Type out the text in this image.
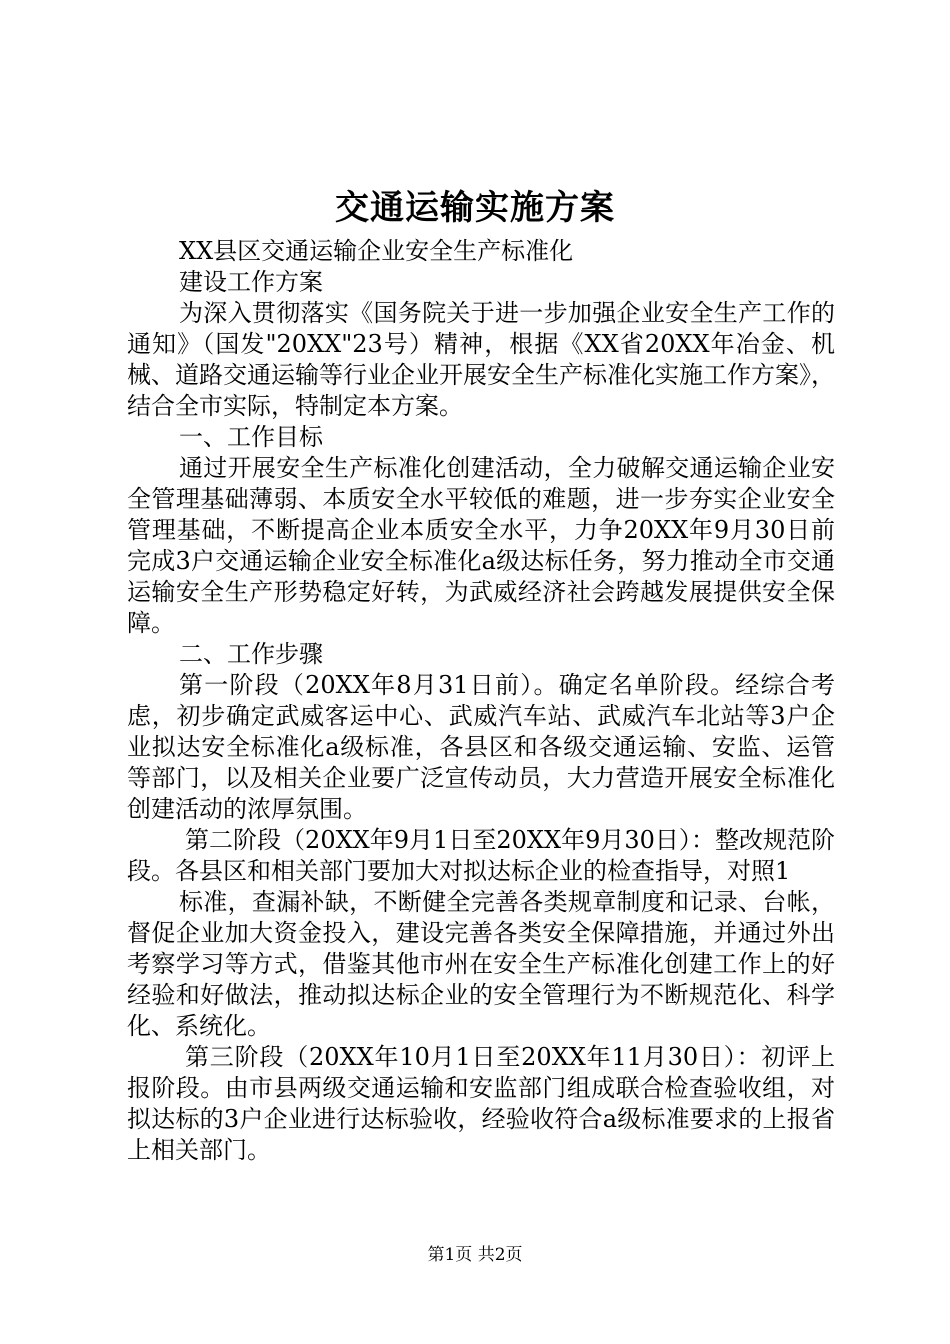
交通运输实施方案

XX县区交通运输企业安全生产标准化

建设工作方案

为深入贯彻落实《国务院关于进一步加强企业安全生产工作的通知》（国发"20XX"23号）精神，根据《XX省20XX年冶金、机械、道路交通运输等行业企业开展安全生产标准化实施工作方案》，结合全市实际，特制定本方案。

一、工作目标

通过开展安全生产标准化创建活动，全力破解交通运输企业安全管理基础薄弱、本质安全水平较低的难题，进一步夯实企业安全管理基础，不断提高企业本质安全水平，力争20XX年9月30日前完成3户交通运输企业安全标准化a级达标任务，努力推动全市交通运输安全生产形势稳定好转，为武威经济社会跨越发展提供安全保障。

二、工作步骤

第一阶段（20XX年8月31日前）。确定名单阶段。经综合考虑，初步确定武威客运中心、武威汽车站、武威汽车北站等3户企业拟达安全标准化a级标准，各县区和各级交通运输、安监、运管等部门，以及相关企业要广泛宣传动员，大力营造开展安全标准化创建活动的浓厚氛围。

第二阶段（20XX年9月1日至20XX年9月30日）：整改规范阶段。各县区和相关部门要加大对拟达标企业的检查指导，对照1

标准，查漏补缺，不断健全完善各类规章制度和记录、台帐，督促企业加大资金投入，建设完善各类安全保障措施，并通过外出考察学习等方式，借鉴其他市州在安全生产标准化创建工作上的好经验和好做法，推动拟达标企业的安全管理行为不断规范化、科学化、系统化。

第三阶段（20XX年10月1日至20XX年11月30日）：初评上报阶段。由市县两级交通运输和安监部门组成联合检查验收组，对拟达标的3户企业进行达标验收，经验收符合a级标准要求的上报省上相关部门。

第1页 共2页
